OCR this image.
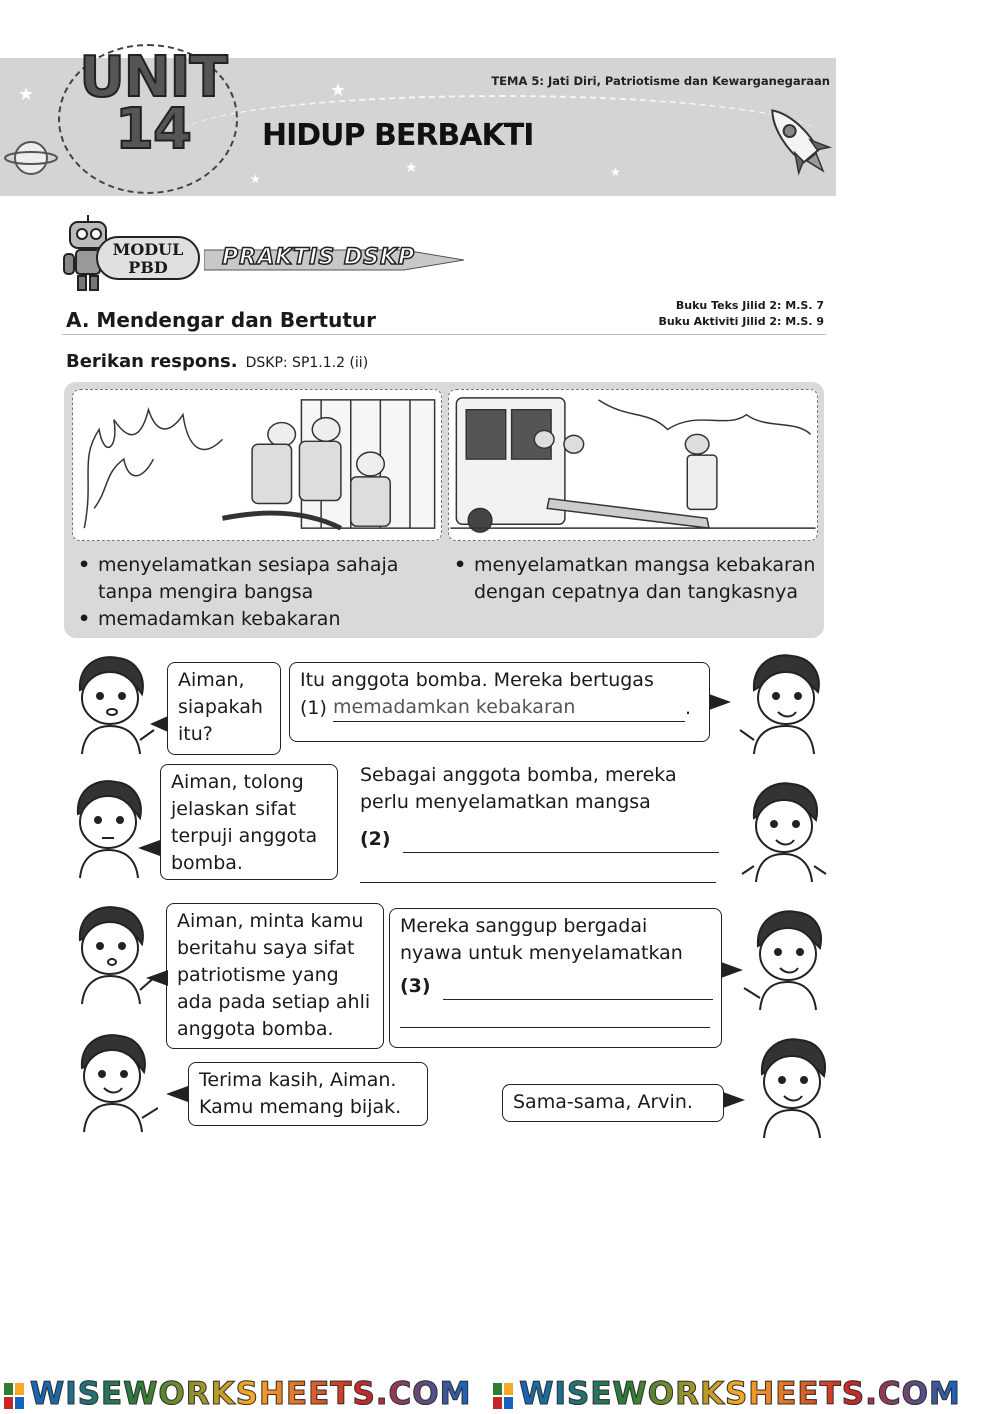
★	★
★	★
★
UNIT
14
TEMA 5: Jati Diri, Patriotisme dan Kewarganegaraan
HIDUP BERBAKTI
MODUL
PBD	PRAKTIS DSKP
A. Mendengar dan Bertutur
Buku Teks Jilid 2: M.S. 7
Buku Aktiviti Jilid 2: M.S. 9
Berikan respons. DSKP: SP1.1.2 (ii)
• menyelamatkan sesiapa sahaja tanpa mengira bangsa
• memadamkan kebakaran
• menyelamatkan mangsa kebakaran dengan cepatnya dan tangkasnya
Aiman, siapakah itu?
Itu anggota bomba. Mereka bertugas
(1) memadamkan kebakaran	.
Aiman, tolong jelaskan sifat terpuji anggota bomba.
Sebagai anggota bomba, mereka perlu menyelamatkan mangsa
(2)
Aiman, minta kamu beritahu saya sifat patriotisme yang ada pada setiap ahli anggota bomba.
Mereka sanggup bergadai nyawa untuk menyelamatkan
(3)
Terima kasih, Aiman. Kamu memang bijak.	Sama-sama, Arvin.
WISEWORKSHEETS.COM WISEWORKSHEETS.COM
